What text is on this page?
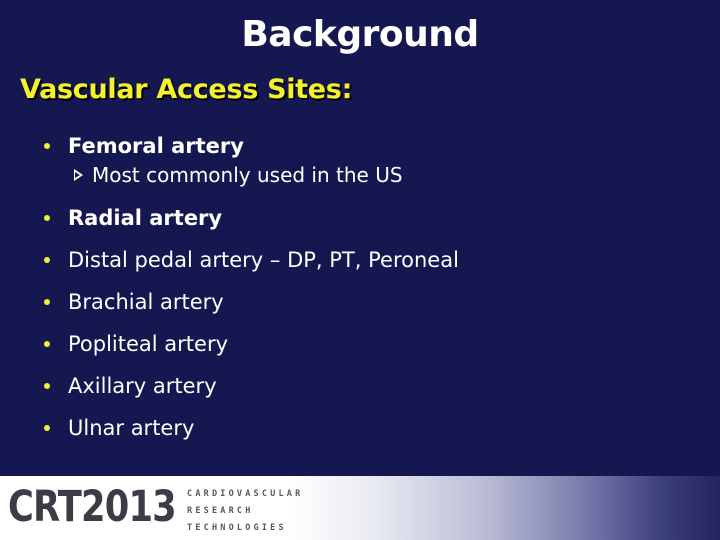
Background
Vascular Access Sites:
Femoral artery
Most commonly used in the US
Radial artery
Distal pedal artery – DP, PT, Peroneal
Brachial artery
Popliteal artery
Axillary artery
Ulnar artery
CRT2013 CARDIOVASCULAR
RESEARCH
TECHNOLOGIES
